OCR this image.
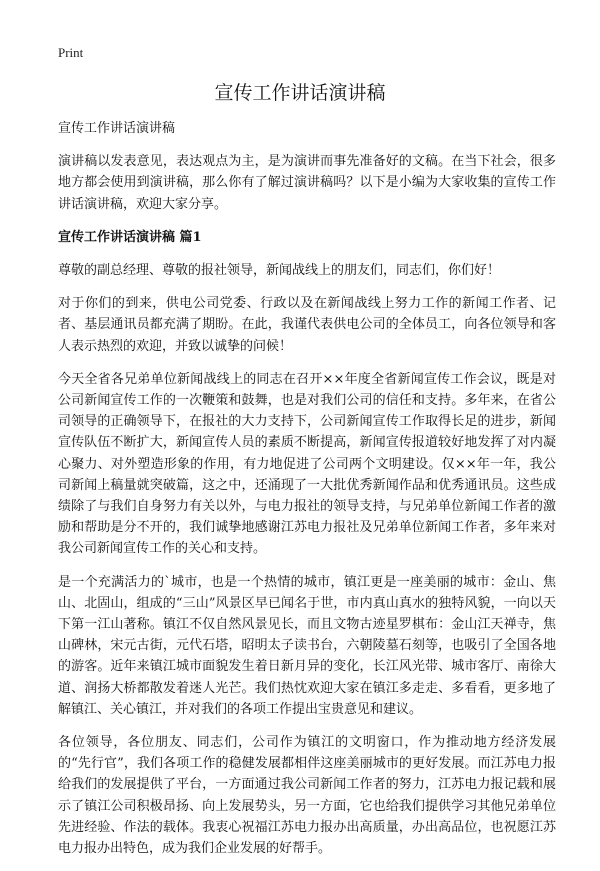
Print
宣传工作讲话演讲稿

宣传工作讲话演讲稿

演讲稿以发表意见，表达观点为主，是为演讲而事先准备好的文稿。在当下社会，很多地方都会使用到演讲稿，那么你有了解过演讲稿吗？以下是小编为大家收集的宣传工作讲话演讲稿，欢迎大家分享。

宣传工作讲话演讲稿 篇1

尊敬的副总经理、尊敬的报社领导，新闻战线上的朋友们，同志们，你们好！

对于你们的到来，供电公司党委、行政以及在新闻战线上努力工作的新闻工作者、记者、基层通讯员都充满了期盼。在此，我谨代表供电公司的全体员工，向各位领导和客人表示热烈的欢迎，并致以诚挚的问候！

今天全省各兄弟单位新闻战线上的同志在召开××年度全省新闻宣传工作会议，既是对公司新闻宣传工作的一次鞭策和鼓舞，也是对我们公司的信任和支持。多年来，在省公司领导的正确领导下，在报社的大力支持下，公司新闻宣传工作取得长足的进步，新闻宣传队伍不断扩大，新闻宣传人员的素质不断提高，新闻宣传报道较好地发挥了对内凝心聚力、对外塑造形象的作用，有力地促进了公司两个文明建设。仅××年一年，我公司新闻上稿量就突破篇，这之中，还涌现了一大批优秀新闻作品和优秀通讯员。这些成绩除了与我们自身努力有关以外，与电力报社的领导支持，与兄弟单位新闻工作者的激励和帮助是分不开的，我们诚挚地感谢江苏电力报社及兄弟单位新闻工作者，多年来对我公司新闻宣传工作的关心和支持。

是一个充满活力的`城市，也是一个热情的城市，镇江更是一座美丽的城市：金山、焦山、北固山，组成的“三山”风景区早已闻名于世，市内真山真水的独特风貌，一向以天下第一江山著称。镇江不仅自然风景见长，而且文物古迹星罗棋布：金山江天禅寺，焦山碑林，宋元古街，元代石塔，昭明太子读书台，六朝陵墓石刻等，也吸引了全国各地的游客。近年来镇江城市面貌发生着日新月异的变化，长江风光带、城市客厅、南徐大道、润扬大桥都散发着迷人光芒。我们热忱欢迎大家在镇江多走走、多看看，更多地了解镇江、关心镇江，并对我们的各项工作提出宝贵意见和建议。

各位领导，各位朋友、同志们，公司作为镇江的文明窗口，作为推动地方经济发展的“先行官”，我们各项工作的稳健发展都相伴这座美丽城市的更好发展。而江苏电力报给我们的发展提供了平台，一方面通过我公司新闻工作者的努力，江苏电力报记载和展示了镇江公司积极昂扬、向上发展势头，另一方面，它也给我们提供学习其他兄弟单位先进经验、作法的载体。我衷心祝福江苏电力报办出高质量，办出高品位，也祝愿江苏电力报办出特色，成为我们企业发展的好帮手。
